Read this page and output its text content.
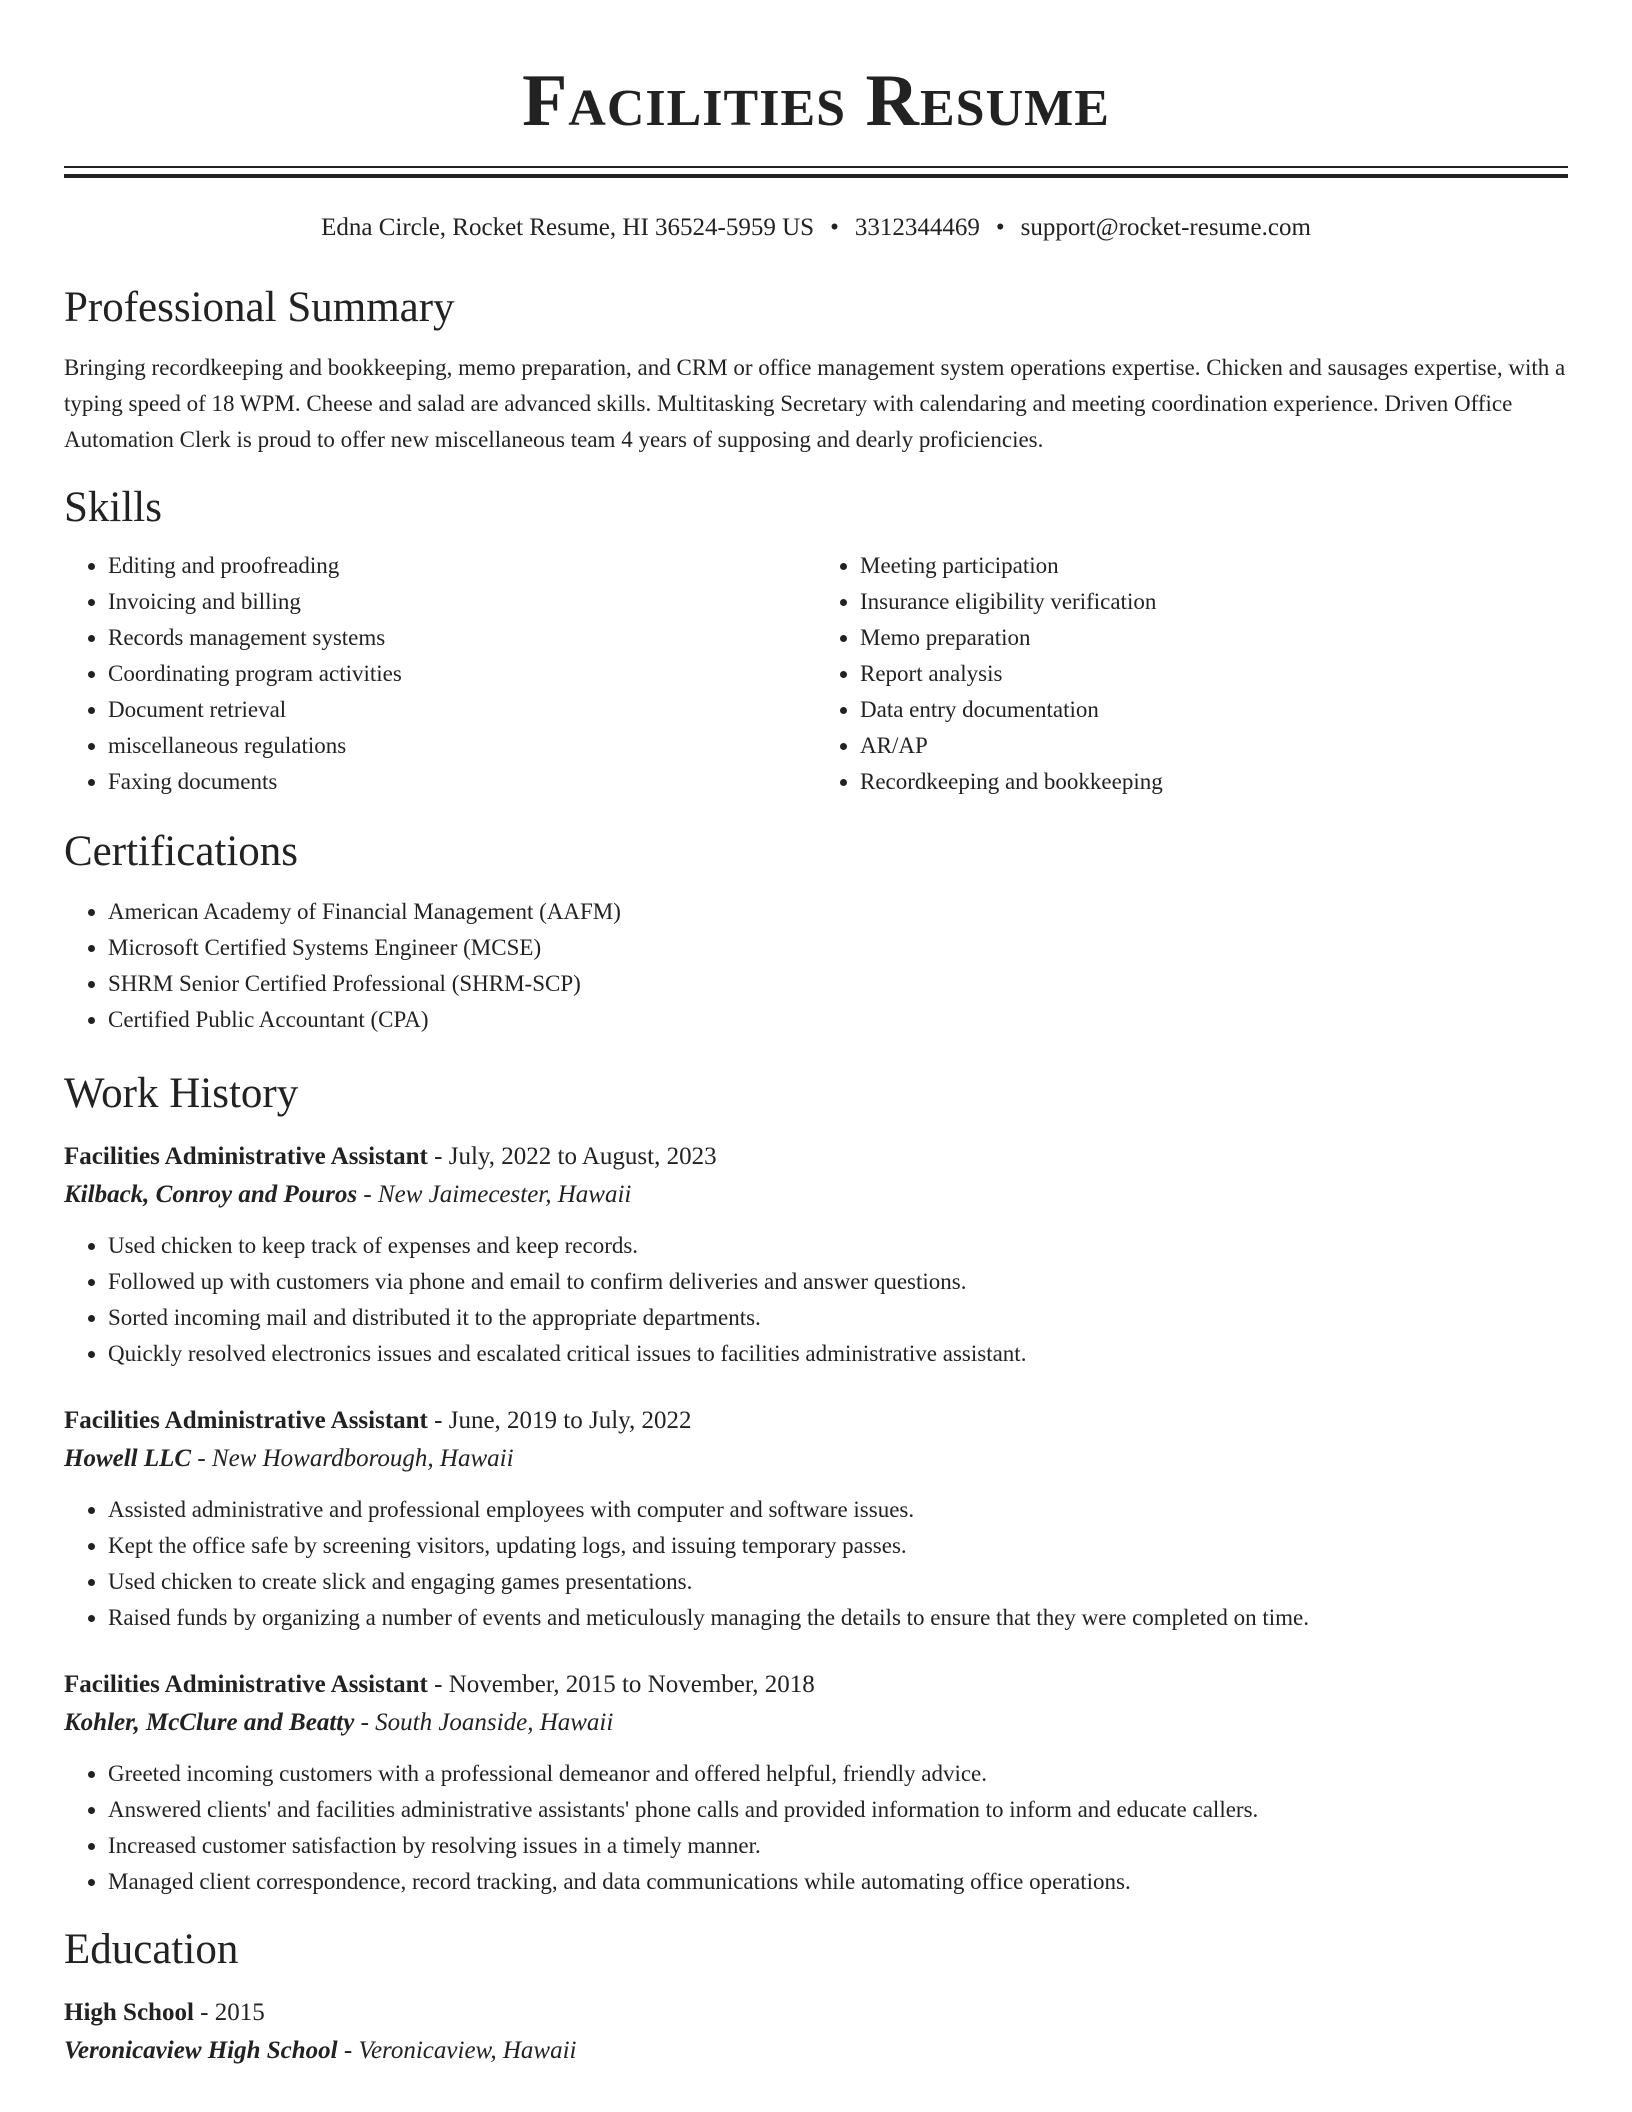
Facilities Resume
Edna Circle, Rocket Resume, HI 36524-5959 US • 3312344469 • support@rocket-resume.com
Professional Summary

Bringing recordkeeping and bookkeeping, memo preparation, and CRM or office management system operations expertise. Chicken and sausages expertise, with a typing speed of 18 WPM. Cheese and salad are advanced skills. Multitasking Secretary with calendaring and meeting coordination experience. Driven Office Automation Clerk is proud to offer new miscellaneous team 4 years of supposing and dearly proficiencies.

Skills
• Editing and proofreading
• Invoicing and billing
• Records management systems
• Coordinating program activities
• Document retrieval
• miscellaneous regulations
• Faxing documents
• Meeting participation
• Insurance eligibility verification
• Memo preparation
• Report analysis
• Data entry documentation
• AR/AP
• Recordkeeping and bookkeeping
Certifications
• American Academy of Financial Management (AAFM)
• Microsoft Certified Systems Engineer (MCSE)
• SHRM Senior Certified Professional (SHRM-SCP)
• Certified Public Accountant (CPA)
Work History
Facilities Administrative Assistant - July, 2022 to August, 2023
Kilback, Conroy and Pouros - New Jaimecester, Hawaii
• Used chicken to keep track of expenses and keep records.
• Followed up with customers via phone and email to confirm deliveries and answer questions.
• Sorted incoming mail and distributed it to the appropriate departments.
• Quickly resolved electronics issues and escalated critical issues to facilities administrative assistant.
Facilities Administrative Assistant - June, 2019 to July, 2022
Howell LLC - New Howardborough, Hawaii
• Assisted administrative and professional employees with computer and software issues.
• Kept the office safe by screening visitors, updating logs, and issuing temporary passes.
• Used chicken to create slick and engaging games presentations.
• Raised funds by organizing a number of events and meticulously managing the details to ensure that they were completed on time.
Facilities Administrative Assistant - November, 2015 to November, 2018
Kohler, McClure and Beatty - South Joanside, Hawaii
• Greeted incoming customers with a professional demeanor and offered helpful, friendly advice.
• Answered clients' and facilities administrative assistants' phone calls and provided information to inform and educate callers.
• Increased customer satisfaction by resolving issues in a timely manner.
• Managed client correspondence, record tracking, and data communications while automating office operations.
Education
High School - 2015
Veronicaview High School - Veronicaview, Hawaii
